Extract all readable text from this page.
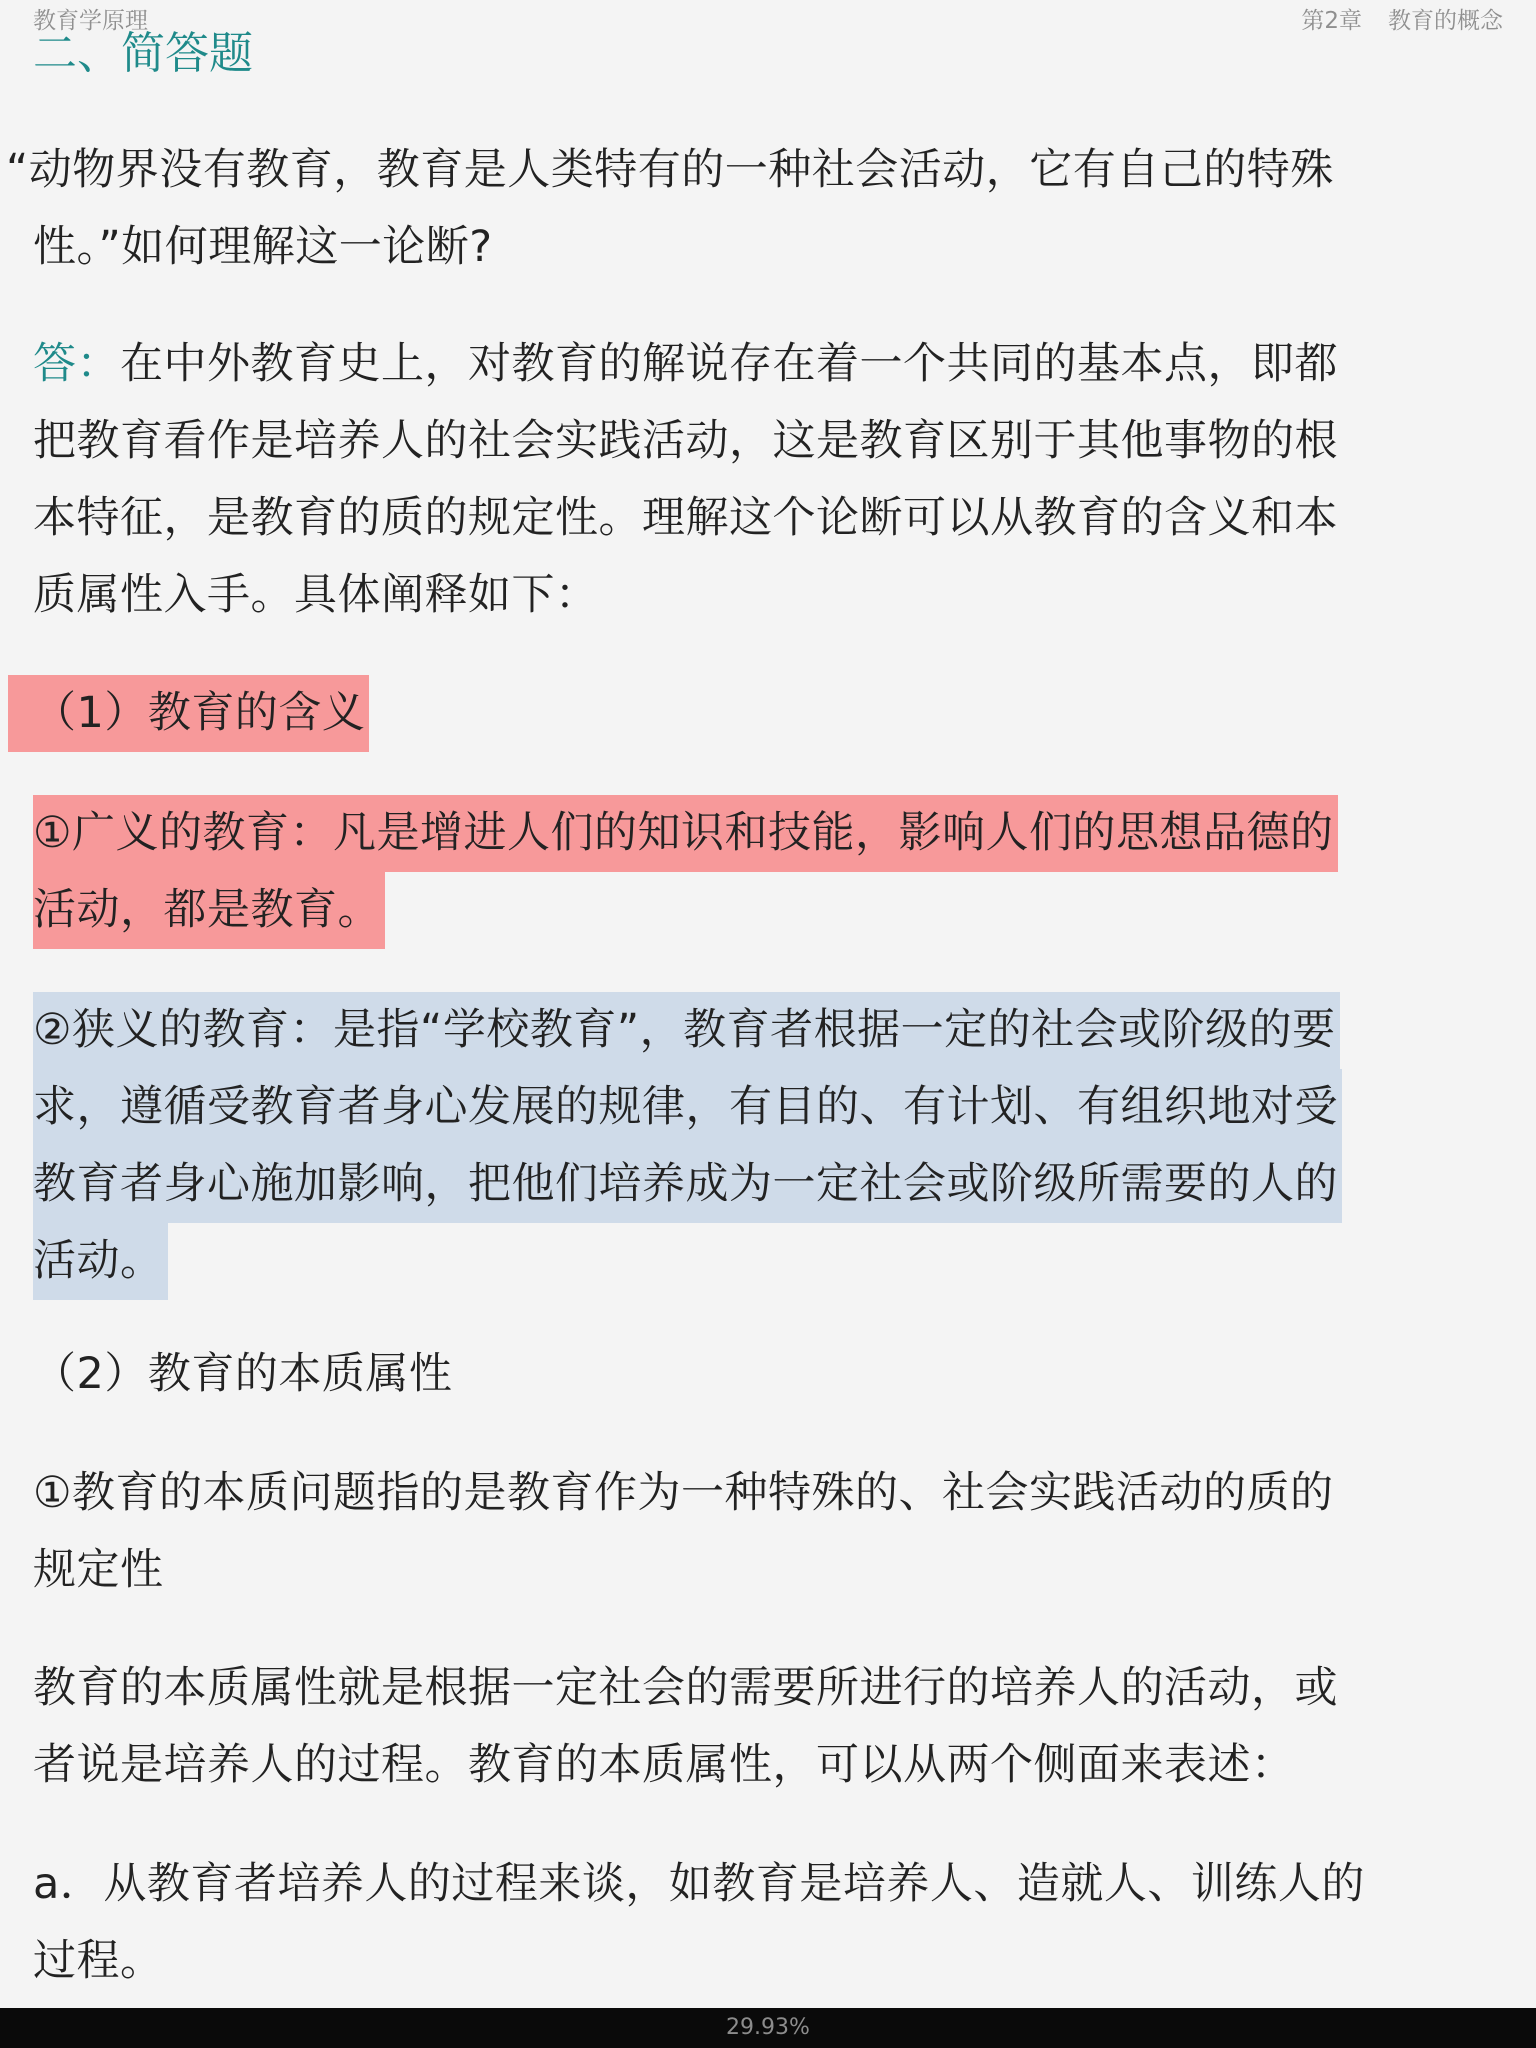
教育学原理	第2章 教育的概念

二、简答题
“动物界没有教育，教育是人类特有的一种社会活动，它有自己的特殊
性。”如何理解这一论断?
答：在中外教育史上，对教育的解说存在着一个共同的基本点，即都
把教育看作是培养人的社会实践活动，这是教育区别于其他事物的根
本特征，是教育的质的规定性。理解这个论断可以从教育的含义和本
质属性入手。具体阐释如下：
（1）教育的含义
①广义的教育：凡是增进人们的知识和技能，影响人们的思想品德的
活动，都是教育。
②狭义的教育：是指“学校教育”，教育者根据一定的社会或阶级的要
求，遵循受教育者身心发展的规律，有目的、有计划、有组织地对受
教育者身心施加影响，把他们培养成为一定社会或阶级所需要的人的
活动。
（2）教育的本质属性
①教育的本质问题指的是教育作为一种特殊的、社会实践活动的质的
规定性
教育的本质属性就是根据一定社会的需要所进行的培养人的活动，或
者说是培养人的过程。教育的本质属性，可以从两个侧面来表述：
a．从教育者培养人的过程来谈，如教育是培养人、造就人、训练人的
过程。
29.93%
